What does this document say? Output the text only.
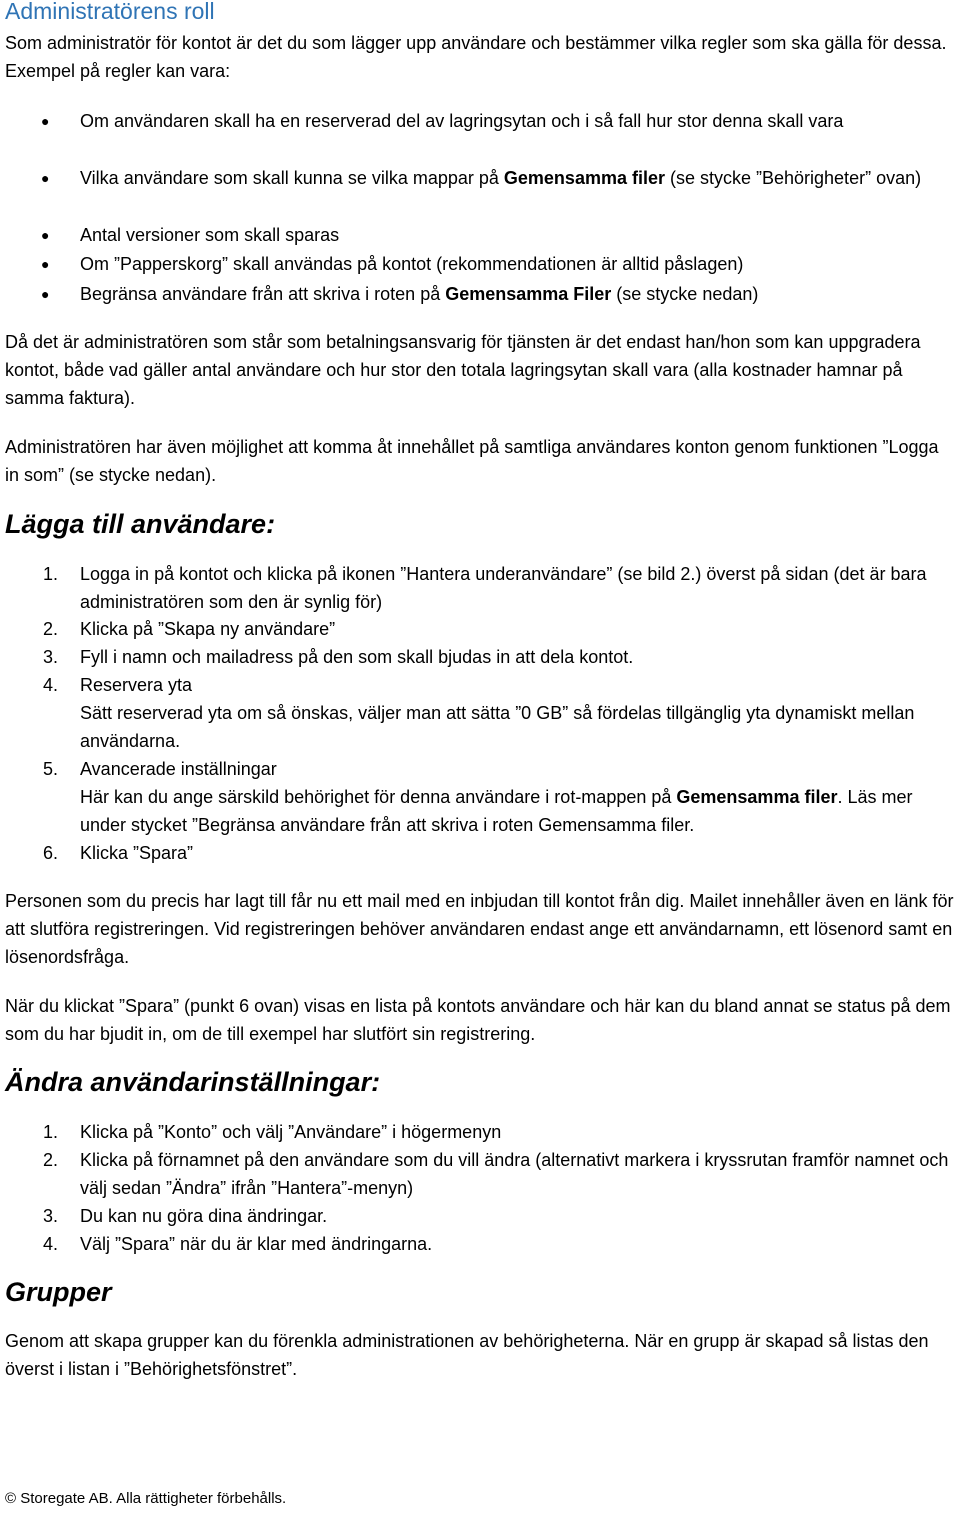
Administratörens roll

Som administratör för kontot är det du som lägger upp användare och bestämmer vilka regler som ska gälla för dessa. Exempel på regler kan vara:

● Om användaren skall ha en reserverad del av lagringsytan och i så fall hur stor denna skall vara
● Vilka användare som skall kunna se vilka mappar på Gemensamma filer (se stycke ”Behörigheter” ovan)
● Antal versioner som skall sparas
● Om ”Papperskorg” skall användas på kontot (rekommendationen är alltid påslagen)
● Begränsa användare från att skriva i roten på Gemensamma Filer (se stycke nedan)

Då det är administratören som står som betalningsansvarig för tjänsten är det endast han/hon som kan uppgradera kontot, både vad gäller antal användare och hur stor den totala lagringsytan skall vara (alla kostnader hamnar på samma faktura).

Administratören har även möjlighet att komma åt innehållet på samtliga användares konton genom funktionen ”Logga in som” (se stycke nedan).

Lägga till användare:
1. Logga in på kontot och klicka på ikonen ”Hantera underanvändare” (se bild 2.) överst på sidan (det är bara administratören som den är synlig för)
2. Klicka på ”Skapa ny användare”
3. Fyll i namn och mailadress på den som skall bjudas in att dela kontot.
4. Reservera yta
Sätt reserverad yta om så önskas, väljer man att sätta ”0 GB” så fördelas tillgänglig yta dynamiskt mellan användarna.
5. Avancerade inställningar
Här kan du ange särskild behörighet för denna användare i rot-mappen på Gemensamma filer. Läs mer under stycket ”Begränsa användare från att skriva i roten Gemensamma filer.
6. Klicka ”Spara”

Personen som du precis har lagt till får nu ett mail med en inbjudan till kontot från dig. Mailet innehåller även en länk för att slutföra registreringen. Vid registreringen behöver användaren endast ange ett användarnamn, ett lösenord samt en lösenordsfråga.

När du klickat ”Spara” (punkt 6 ovan) visas en lista på kontots användare och här kan du bland annat se status på dem som du har bjudit in, om de till exempel har slutfört sin registrering.

Ändra användarinställningar:
1. Klicka på ”Konto” och välj ”Användare” i högermenyn
2. Klicka på förnamnet på den användare som du vill ändra (alternativt markera i kryssrutan framför namnet och välj sedan ”Ändra” ifrån ”Hantera”-menyn)
3. Du kan nu göra dina ändringar.
4. Välj ”Spara” när du är klar med ändringarna.
Grupper

Genom att skapa grupper kan du förenkla administrationen av behörigheterna. När en grupp är skapad så listas den överst i listan i ”Behörighetsfönstret”.

© Storegate AB. Alla rättigheter förbehålls.
